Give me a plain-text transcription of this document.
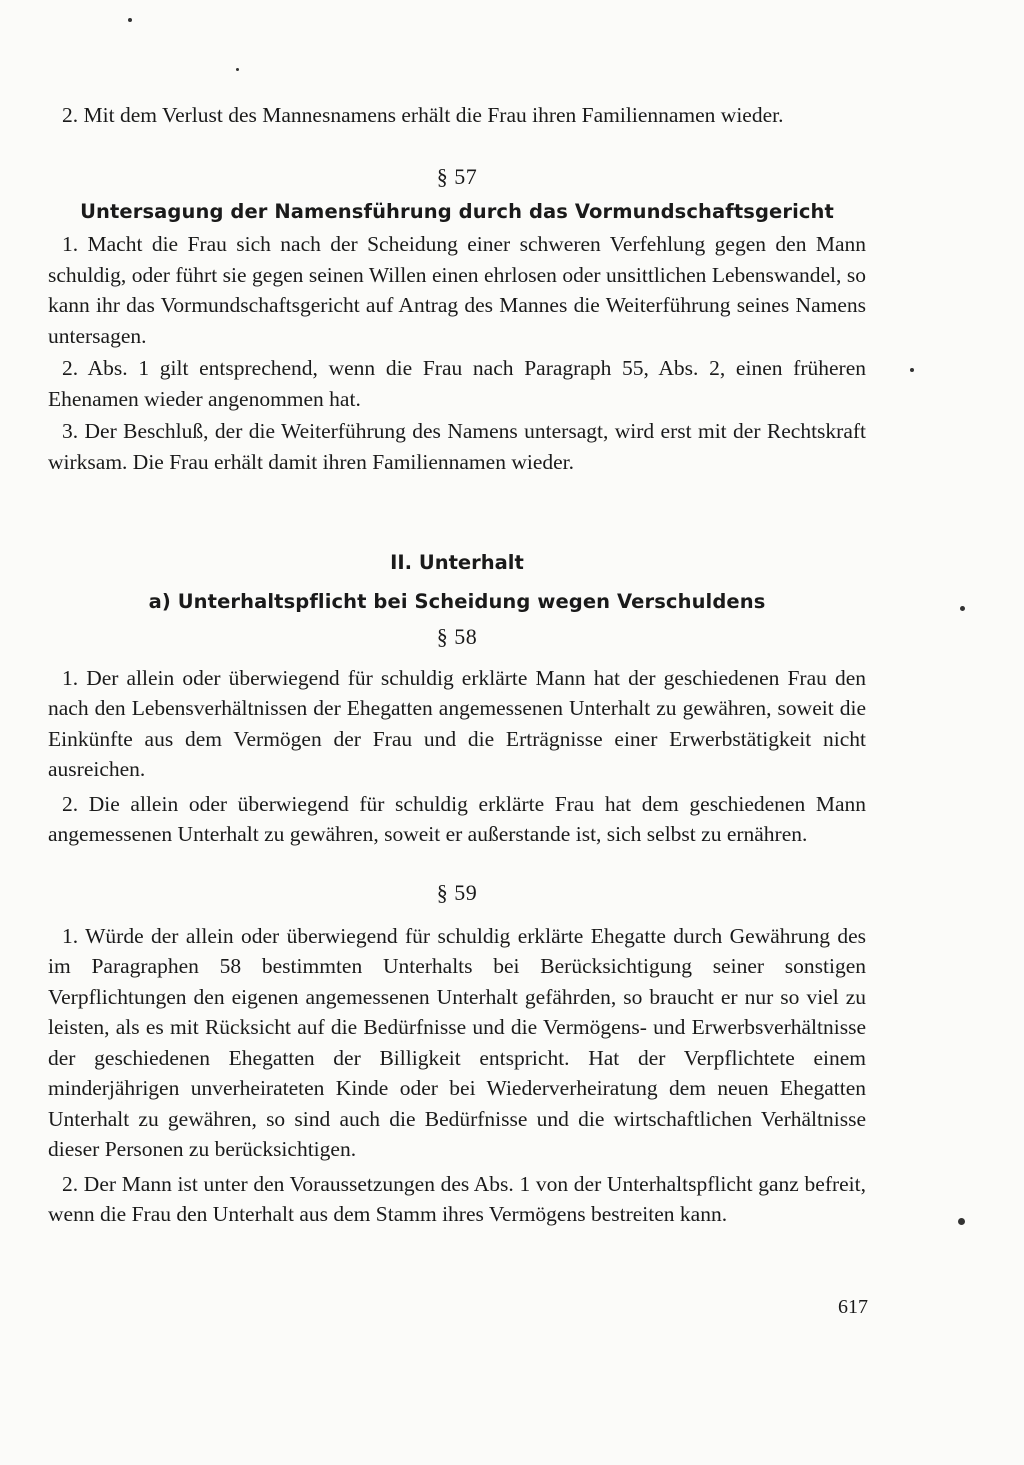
2. Mit dem Verlust des Mannesnamens erhält die Frau ihren Familiennamen wieder.

§ 57

Untersagung der Namensführung durch das Vormundschaftsgericht

1. Macht die Frau sich nach der Scheidung einer schweren Verfehlung gegen den Mann schuldig, oder führt sie gegen seinen Willen einen ehrlosen oder unsittlichen Lebenswandel, so kann ihr das Vormundschaftsgericht auf Antrag des Mannes die Weiterführung seines Namens untersagen.

2. Abs. 1 gilt entsprechend, wenn die Frau nach Paragraph 55, Abs. 2, einen früheren Ehenamen wieder angenommen hat.

3. Der Beschluß, der die Weiterführung des Namens untersagt, wird erst mit der Rechtskraft wirksam. Die Frau erhält damit ihren Familiennamen wieder.

II. Unterhalt

a) Unterhaltspflicht bei Scheidung wegen Verschuldens

§ 58

1. Der allein oder überwiegend für schuldig erklärte Mann hat der geschiedenen Frau den nach den Lebensverhältnissen der Ehegatten angemessenen Unterhalt zu gewähren, soweit die Einkünfte aus dem Vermögen der Frau und die Erträgnisse einer Erwerbstätigkeit nicht ausreichen.

2. Die allein oder überwiegend für schuldig erklärte Frau hat dem geschiedenen Mann angemessenen Unterhalt zu gewähren, soweit er außerstande ist, sich selbst zu ernähren.

§ 59

1. Würde der allein oder überwiegend für schuldig erklärte Ehegatte durch Gewährung des im Paragraphen 58 bestimmten Unterhalts bei Berücksichtigung seiner sonstigen Verpflichtungen den eigenen angemessenen Unterhalt gefährden, so braucht er nur so viel zu leisten, als es mit Rücksicht auf die Bedürfnisse und die Vermögens- und Erwerbsverhältnisse der geschiedenen Ehegatten der Billigkeit entspricht. Hat der Verpflichtete einem minderjährigen unverheirateten Kinde oder bei Wiederverheiratung dem neuen Ehegatten Unterhalt zu gewähren, so sind auch die Bedürfnisse und die wirtschaftlichen Verhältnisse dieser Personen zu berücksichtigen.

2. Der Mann ist unter den Voraussetzungen des Abs. 1 von der Unterhaltspflicht ganz befreit, wenn die Frau den Unterhalt aus dem Stamm ihres Vermögens bestreiten kann.

617
